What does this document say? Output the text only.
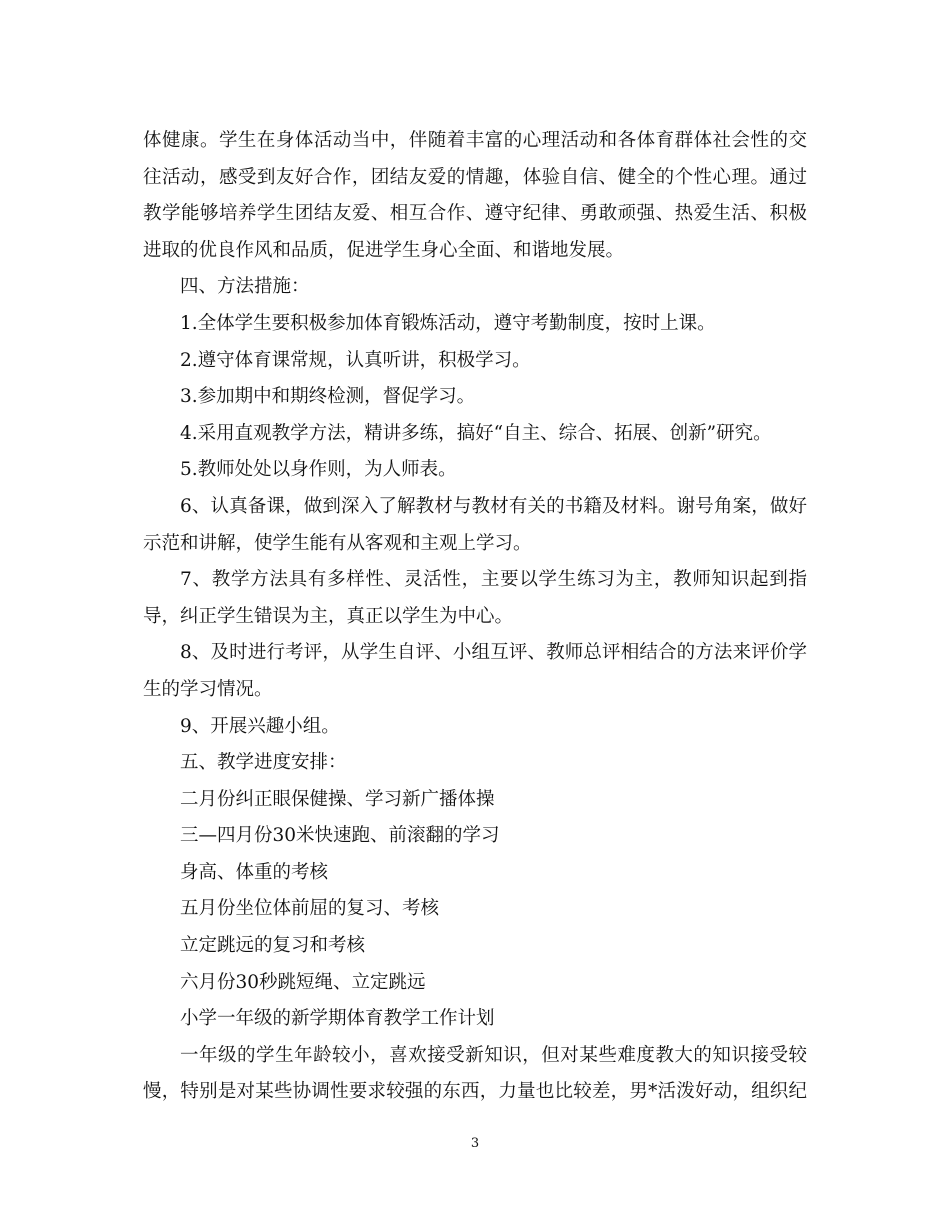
体健康。学生在身体活动当中，伴随着丰富的心理活动和各体育群体社会性的交
往活动，感受到友好合作，团结友爱的情趣，体验自信、健全的个性心理。通过
教学能够培养学生团结友爱、相互合作、遵守纪律、勇敢顽强、热爱生活、积极
进取的优良作风和品质，促进学生身心全面、和谐地发展。
四、方法措施：
1.全体学生要积极参加体育锻炼活动，遵守考勤制度，按时上课。
2.遵守体育课常规，认真听讲，积极学习。
3.参加期中和期终检测，督促学习。
4.采用直观教学方法，精讲多练，搞好“自主、综合、拓展、创新”研究。
5.教师处处以身作则，为人师表。
6、认真备课，做到深入了解教材与教材有关的书籍及材料。谢号角案，做好
示范和讲解，使学生能有从客观和主观上学习。
7、教学方法具有多样性、灵活性，主要以学生练习为主，教师知识起到指
导，纠正学生错误为主，真正以学生为中心。
8、及时进行考评，从学生自评、小组互评、教师总评相结合的方法来评价学
生的学习情况。
9、开展兴趣小组。
五、教学进度安排：
二月份纠正眼保健操、学习新广播体操
三—四月份30米快速跑、前滚翻的学习
身高、体重的考核
五月份坐位体前屈的复习、考核
立定跳远的复习和考核
六月份30秒跳短绳、立定跳远
小学一年级的新学期体育教学工作计划
一年级的学生年龄较小，喜欢接受新知识，但对某些难度教大的知识接受较
慢，特别是对某些协调性要求较强的东西，力量也比较差，男*活泼好动，组织纪
3
